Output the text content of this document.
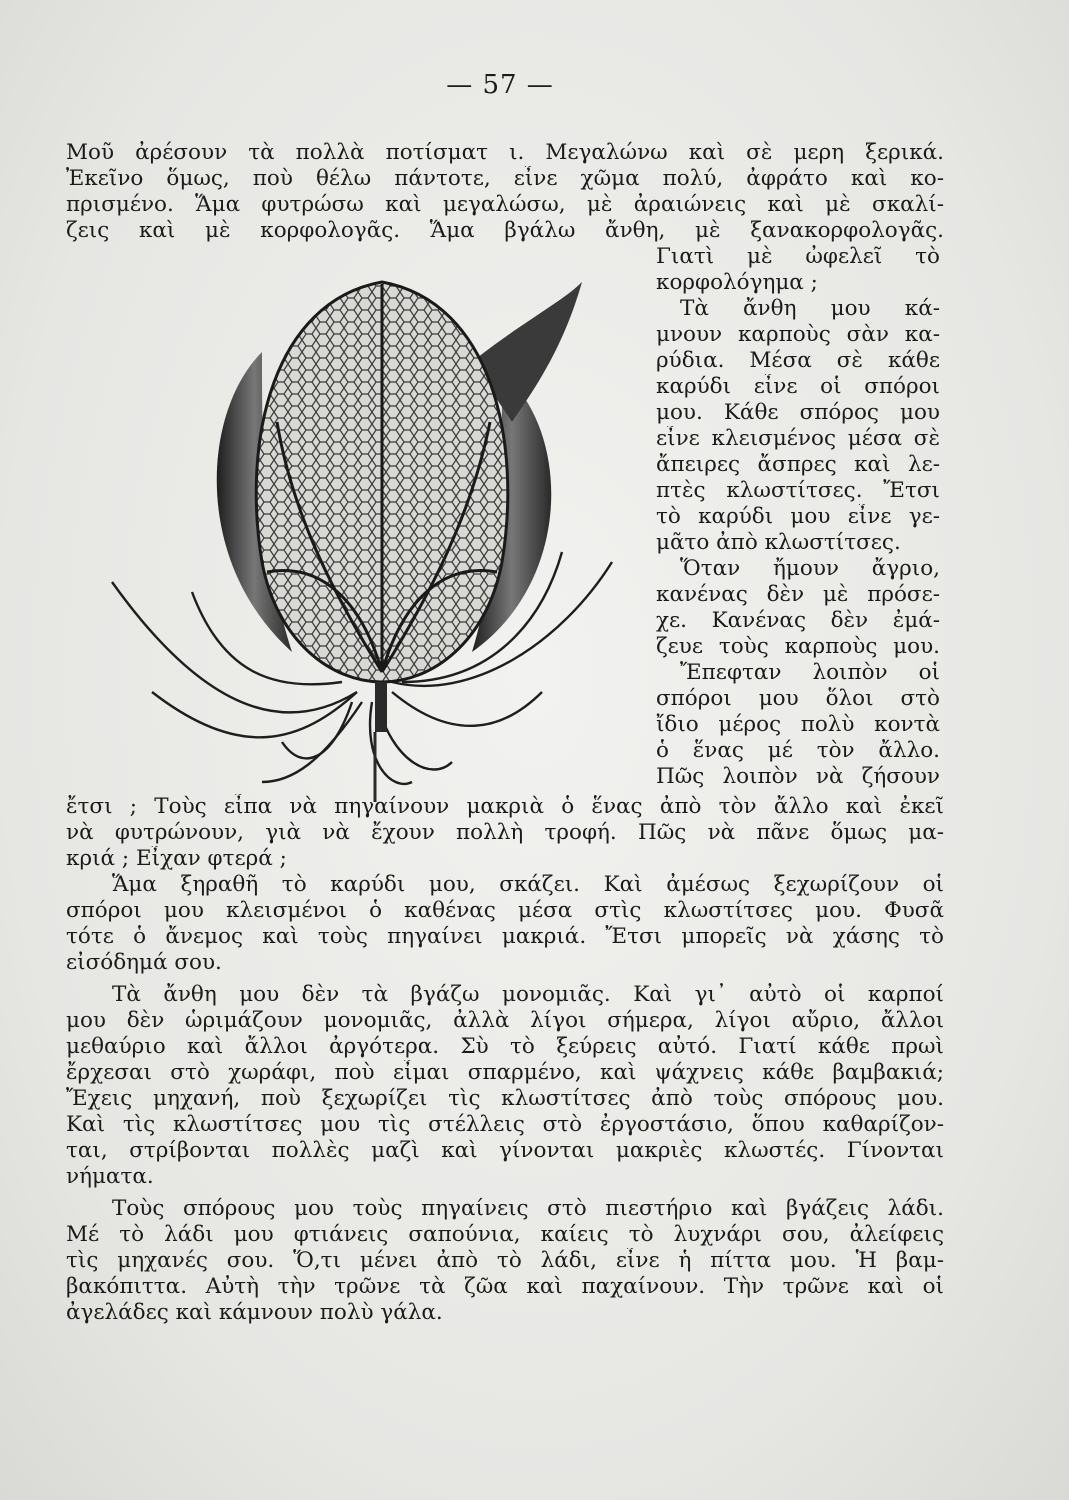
— 57 —
Μοῦ ἀρέσουν τὰ πολλὰ ποτίσματ ι. Μεγαλώνω καὶ σὲ μερη ξερικά.
Ἐκεῖνο ὅμως, ποὺ θέλω πάντοτε, εἶνε χῶμα πολύ, ἀφράτο καὶ κο-
πρισμένο. Ἅμα φυτρώσω καὶ μεγαλώσω, μὲ ἀραιώνεις καὶ μὲ σκαλί-
ζεις καὶ μὲ κορφολογᾶς. Ἅμα βγάλω ἄνθη, μὲ ξανακορφολογᾶς.
Γιατὶ μὲ ὠφελεῖ τὸ
κορφολόγημα ;
Τὰ ἄνθη μου κά-
μνουν καρποὺς σὰν κα-
ρύδια. Μέσα σὲ κάθε
καρύδι εἶνε οἱ σπόροι
μου. Κάθε σπόρος μου
εἶνε κλεισμένος μέσα σὲ
ἄπειρες ἄσπρες καὶ λε-
πτὲς κλωστίτσες. Ἔτσι
τὸ καρύδι μου εἶνε γε-
μᾶτο ἀπὸ κλωστίτσες.
Ὅταν ἤμουν ἄγριο,
κανένας δὲν μὲ πρόσε-
χε. Κανένας δὲν ἐμά-
ζευε τοὺς καρποὺς μου.
Ἔπεφταν λοιπὸν οἱ
σπόροι μου ὅλοι στὸ
ἴδιο μέρος πολὺ κοντὰ
ὁ ἕνας μέ τὸν ἄλλο.
Πῶς λοιπὸν νὰ ζήσουν
ἔτσι ; Τοὺς εἶπα νὰ πηγαίνουν μακριὰ ὁ ἕνας ἀπὸ τὸν ἄλλο καὶ ἐκεῖ
νὰ φυτρώνουν, γιὰ νὰ ἔχουν πολλὴ τροφή. Πῶς νὰ πᾶνε ὅμως μα-
κριά ; Εἶχαν φτερά ;
Ἅμα ξηραθῆ τὸ καρύδι μου, σκάζει. Καὶ ἀμέσως ξεχωρίζουν οἱ
σπόροι μου κλεισμένοι ὁ καθένας μέσα στὶς κλωστίτσες μου. Φυσᾶ
τότε ὁ ἄνεμος καὶ τοὺς πηγαίνει μακριά. Ἔτσι μπορεῖς νὰ χάσης τὸ
εἰσόδημά σου.
Τὰ ἄνθη μου δὲν τὰ βγάζω μονομιᾶς. Καὶ γι᾿ αὐτὸ οἱ καρποί
μου δὲν ὡριμάζουν μονομιᾶς, ἀλλὰ λίγοι σήμερα, λίγοι αὔριο, ἄλλοι
μεθαύριο καὶ ἄλλοι ἀργότερα. Σὺ τὸ ξεύρεις αὐτό. Γιατί κάθε πρωὶ
ἔρχεσαι στὸ χωράφι, ποὺ εἶμαι σπαρμένο, καὶ ψάχνεις κάθε βαμβακιά;
Ἔχεις μηχανή, ποὺ ξεχωρίζει τὶς κλωστίτσες ἀπὸ τοὺς σπόρους μου.
Καὶ τὶς κλωστίτσες μου τὶς στέλλεις στὸ ἐργοστάσιο, ὅπου καθαρίζον-
ται, στρίβονται πολλὲς μαζὶ καὶ γίνονται μακριὲς κλωστές. Γίνονται
νήματα.
Τοὺς σπόρους μου τοὺς πηγαίνεις στὸ πιεστήριο καὶ βγάζεις λάδι.
Μέ τὸ λάδι μου φτιάνεις σαπούνια, καίεις τὸ λυχνάρι σου, ἀλείφεις
τὶς μηχανές σου. Ὅ,τι μένει ἀπὸ τὸ λάδι, εἶνε ἡ πίττα μου. Ἡ βαμ-
βακόπιττα. Αὐτὴ τὴν τρῶνε τὰ ζῶα καὶ παχαίνουν. Τὴν τρῶνε καὶ οἱ
ἀγελάδες καὶ κάμνουν πολὺ γάλα.
